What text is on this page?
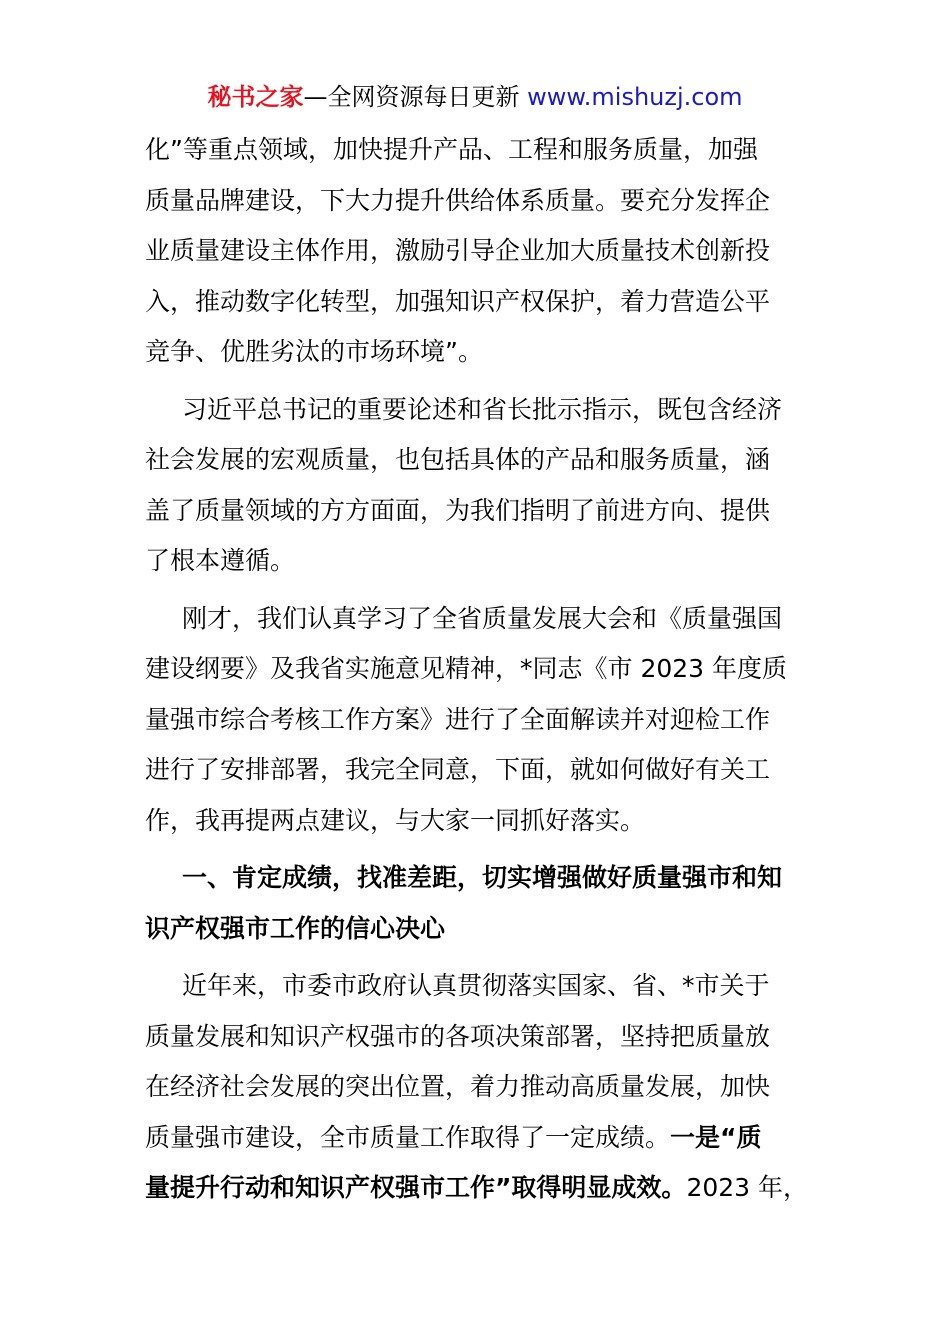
秘书之家—全网资源每日更新 www.mishuzj.com
化”等重点领域，加快提升产品、工程和服务质量，加强
质量品牌建设，下大力提升供给体系质量。要充分发挥企
业质量建设主体作用，激励引导企业加大质量技术创新投
入，推动数字化转型，加强知识产权保护，着力营造公平
竞争、优胜劣汰的市场环境”。
习近平总书记的重要论述和省长批示指示，既包含经济
社会发展的宏观质量，也包括具体的产品和服务质量，涵
盖了质量领域的方方面面，为我们指明了前进方向、提供
了根本遵循。
刚才，我们认真学习了全省质量发展大会和《质量强国
建设纲要》及我省实施意见精神，*同志《市 2023 年度质
量强市综合考核工作方案》进行了全面解读并对迎检工作
进行了安排部署，我完全同意，下面，就如何做好有关工
作，我再提两点建议，与大家一同抓好落实。
一、肯定成绩，找准差距，切实增强做好质量强市和知
识产权强市工作的信心决心
近年来，市委市政府认真贯彻落实国家、省、*市关于
质量发展和知识产权强市的各项决策部署，坚持把质量放
在经济社会发展的突出位置，着力推动高质量发展，加快
质量强市建设，全市质量工作取得了一定成绩。一是“质
量提升行动和知识产权强市工作”取得明显成效。2023 年，
